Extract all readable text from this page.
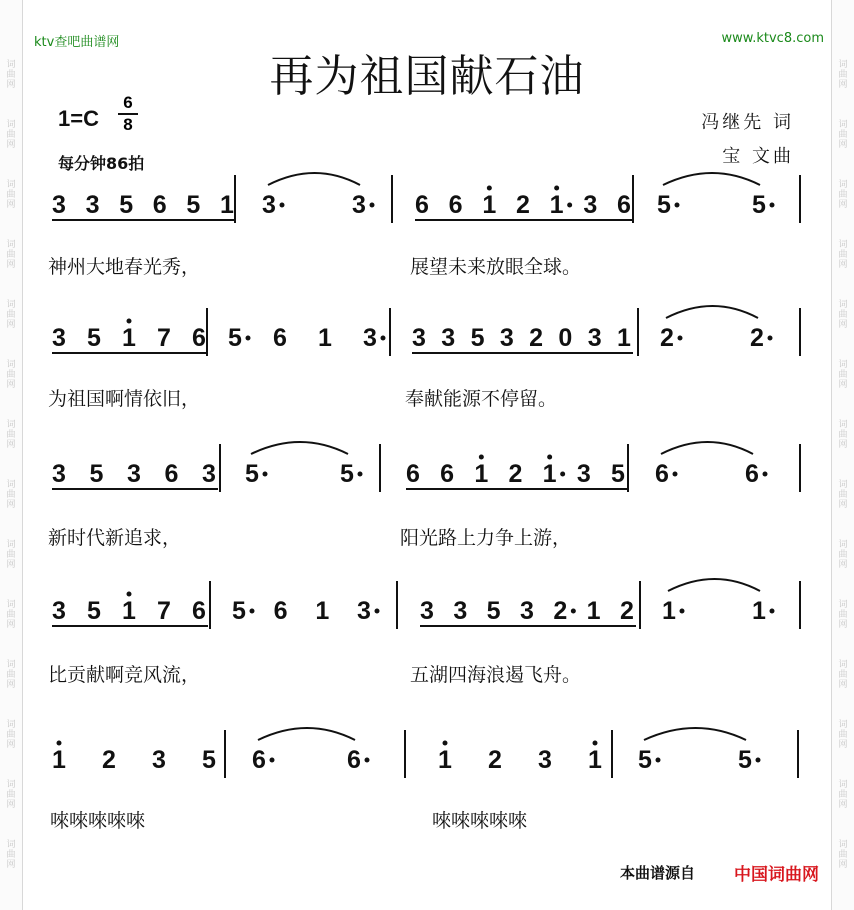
词
曲
网
词
曲
网
词
曲
网
词
曲
网
词
曲
网
词
曲
网
词
曲
网
词
曲
网
词
曲
网
词
曲
网
词
曲
网
词
曲
网
词
曲
网
词
曲
网
词
曲
网
词
曲
网
词
曲
网
词
曲
网
词
曲
网
词
曲
网
词
曲
网
词
曲
网
词
曲
网
词
曲
网
词
曲
网
词
曲
网
词
曲
网
词
曲
网
ktv查吧曲谱网	www.ktvc8.com
再为祖国献石油
$1=C \frac{6}{8}$
每分钟86拍
冯继先 词
宝 文曲
3 3 5 6 5 1 3	3 6 6 1 2 1 3 6 5	5
3 5 1 7 6 5 6 1 3 3 3 5 3 2 0 3 1 2	2
3 5 3 6 3 5	5 6 6 1 2 1 3 5 6	6
3 5 1 7 6 5 6 1 3 3 3 5 3 2 1 2 1	1
1 2 3 5 6	6	1 2 3 1 5	5
神州大地春光秀，	展望未来放眼全球。
为祖国啊情依旧，	奉献能源不停留。
新时代新追求，	阳光路上力争上游，
比贡献啊竞风流，	五湖四海浪遏飞舟。
唻唻唻唻唻	唻唻唻唻唻
本曲谱源自 中国词曲网
